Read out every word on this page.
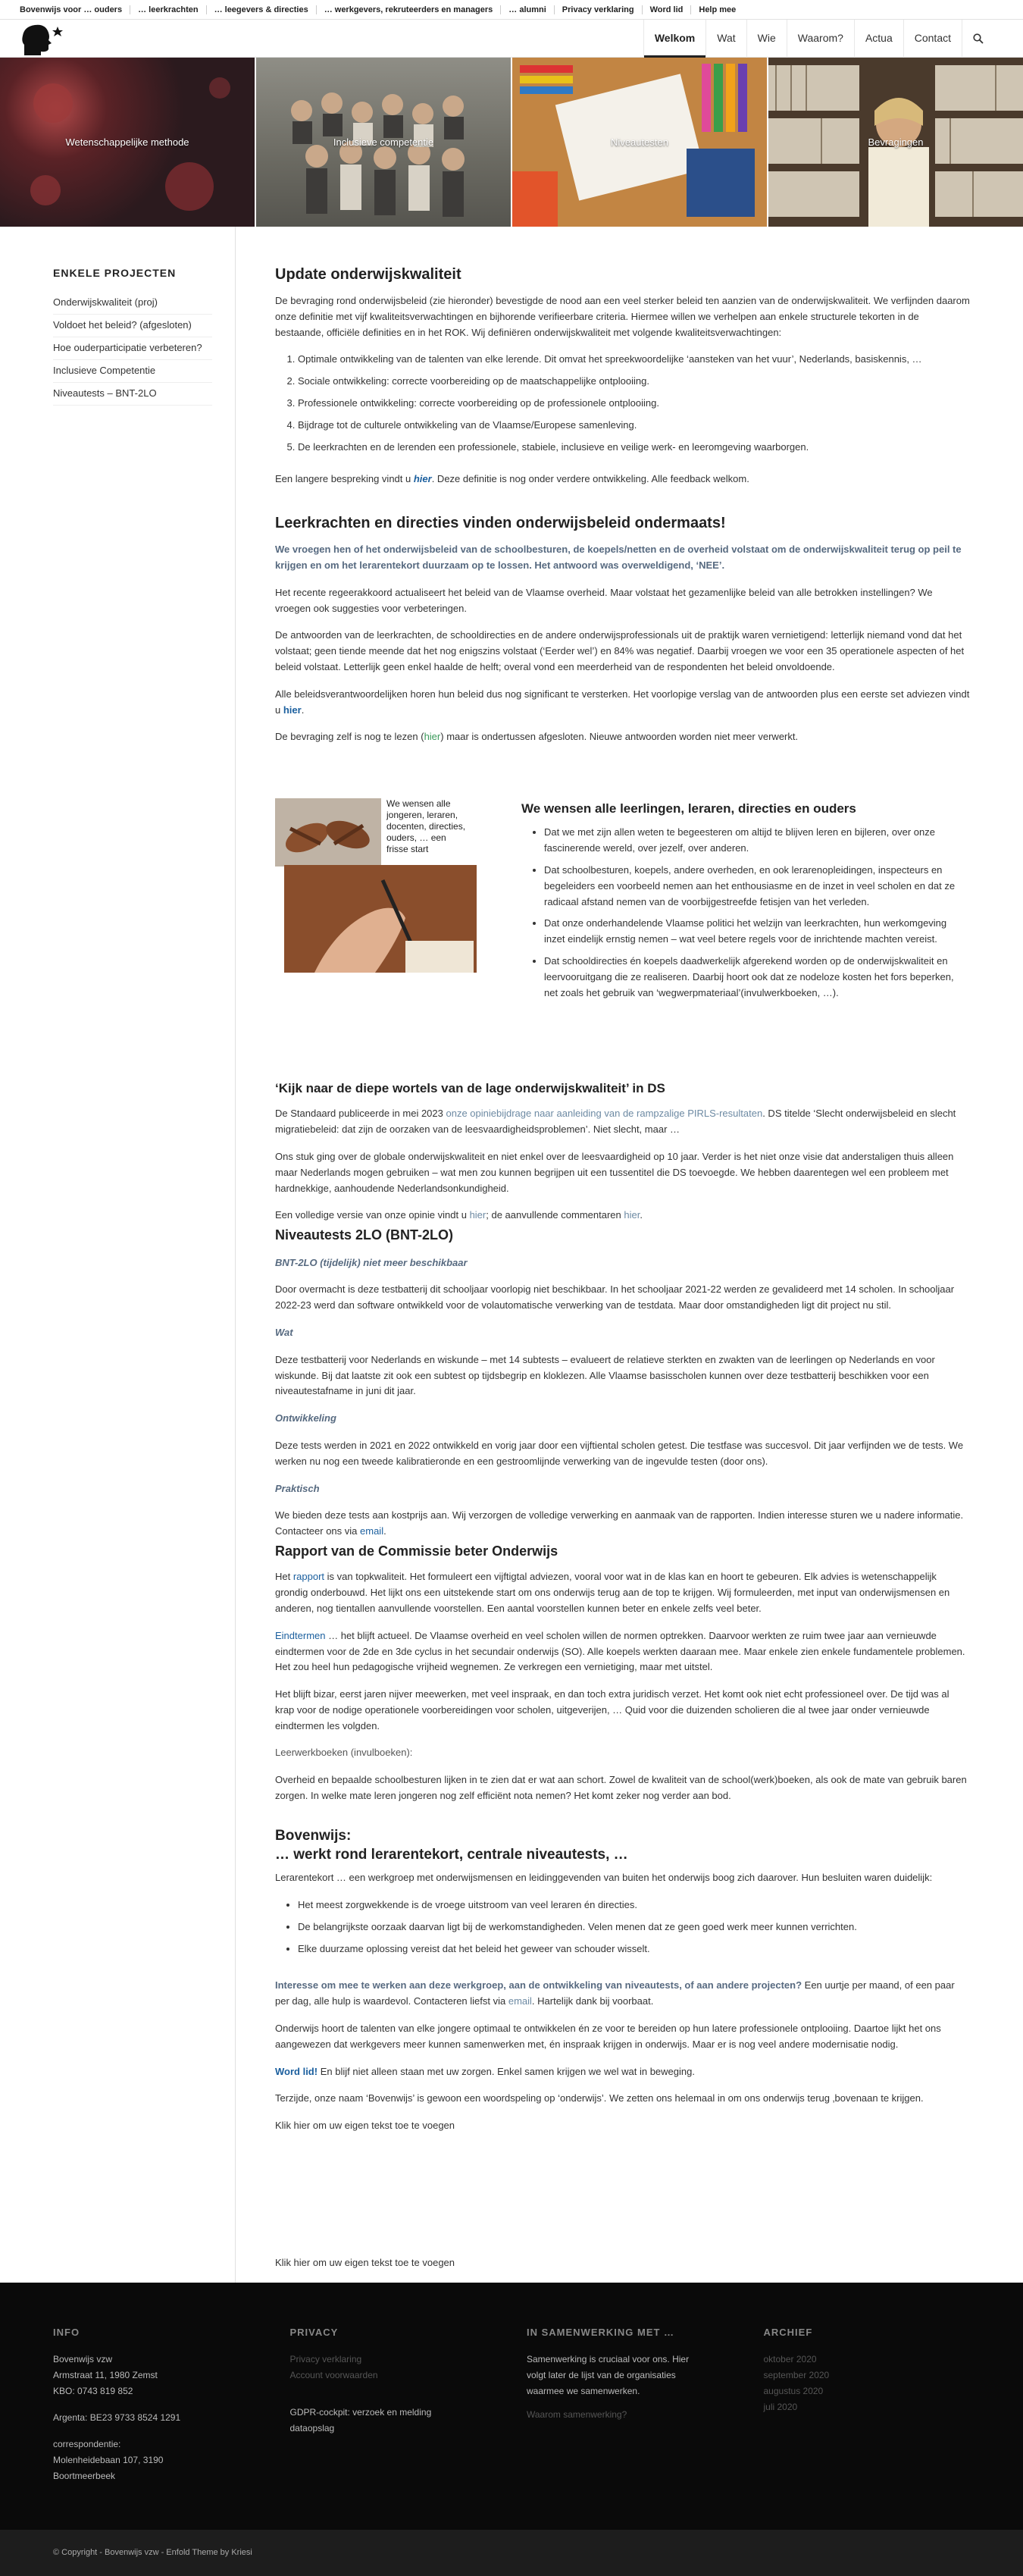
Bovenwijs voor … ouders	… leerkrachten	… leegevers & directies	… werkgevers, rekruteerders en managers	… alumni	Privacy verklaring	Word lid	Help mee
Welkom	Wat	Wie	Waarom?	Actua	Contact
Wetenschappelijke methode	Inclusieve competentie	Niveautesten	Bevragingen
ENKELE PROJECTEN
Onderwijskwaliteit (proj)
Voldoet het beleid? (afgesloten)
Hoe ouderparticipatie verbeteren?
Inclusieve Competentie
Niveautests – BNT-2LO
Update onderwijskwaliteit

De bevraging rond onderwijsbeleid (zie hieronder) bevestigde de nood aan een veel sterker beleid ten aanzien van de onderwijskwaliteit. We verfijnden daarom onze definitie met vijf kwaliteitsverwachtingen en bijhorende verifieerbare criteria. Hiermee willen we verhelpen aan enkele structurele tekorten in de bestaande, officiële definities en in het ROK. Wij definiëren onderwijskwaliteit met volgende kwaliteitsverwachtingen:

1. Optimale ontwikkeling van de talenten van elke lerende. Dit omvat het spreekwoordelijke ‘aansteken van het vuur’, Nederlands, basiskennis, …
2. Sociale ontwikkeling: correcte voorbereiding op de maatschappelijke ontplooiing.
3. Professionele ontwikkeling: correcte voorbereiding op de professionele ontplooiing.
4. Bijdrage tot de culturele ontwikkeling van de Vlaamse/Europese samenleving.
5. De leerkrachten en de lerenden een professionele, stabiele, inclusieve en veilige werk- en leeromgeving waarborgen.

Een langere bespreking vindt u hier. Deze definitie is nog onder verdere ontwikkeling. Alle feedback welkom.

Leerkrachten en directies vinden onderwijsbeleid ondermaats!

We vroegen hen of het onderwijsbeleid van de schoolbesturen, de koepels/netten en de overheid volstaat om de onderwijskwaliteit terug op peil te krijgen en om het lerarentekort duurzaam op te lossen. Het antwoord was overweldigend, ‘NEE’.

Het recente regeerakkoord actualiseert het beleid van de Vlaamse overheid. Maar volstaat het gezamenlijke beleid van alle betrokken instellingen? We vroegen ook suggesties voor verbeteringen.

De antwoorden van de leerkrachten, de schooldirecties en de andere onderwijsprofessionals uit de praktijk waren vernietigend: letterlijk niemand vond dat het volstaat; geen tiende meende dat het nog enigszins volstaat (‘Eerder wel’) en 84% was negatief. Daarbij vroegen we voor een 35 operationele aspecten of het beleid volstaat. Letterlijk geen enkel haalde de helft; overal vond een meerderheid van de respondenten het beleid onvoldoende.

Alle beleidsverantwoordelijken horen hun beleid dus nog significant te versterken. Het voorlopige verslag van de antwoorden plus een eerste set adviezen vindt u hier.

De bevraging zelf is nog te lezen (hier) maar is ondertussen afgesloten. Nieuwe antwoorden worden niet meer verwerkt.

We wensen alle jongeren, leraren, docenten, directies, ouders, … een frisse start
We wensen alle leerlingen, leraren, directies en ouders
• Dat we met zijn allen weten te begeesteren om altijd te blijven leren en bijleren, over onze fascinerende wereld, over jezelf, over anderen.
• Dat schoolbesturen, koepels, andere overheden, en ook lerarenopleidingen, inspecteurs en begeleiders een voorbeeld nemen aan het enthousiasme en de inzet in veel scholen en dat ze radicaal afstand nemen van de voorbijgestreefde fetisjen van het verleden.
• Dat onze onderhandelende Vlaamse politici het welzijn van leerkrachten, hun werkomgeving inzet eindelijk ernstig nemen – wat veel betere regels voor de inrichtende machten vereist.
• Dat schooldirecties én koepels daadwerkelijk afgerekend worden op de onderwijskwaliteit en leervooruitgang die ze realiseren. Daarbij hoort ook dat ze nodeloze kosten het fors beperken, net zoals het gebruik van ‘wegwerpmateriaal’(invulwerkboeken, …).
‘Kijk naar de diepe wortels van de lage onderwijskwaliteit’ in DS

De Standaard publiceerde in mei 2023 onze opiniebijdrage naar aanleiding van de rampzalige PIRLS-resultaten. DS titelde ‘Slecht onderwijsbeleid en slecht migratiebeleid: dat zijn de oorzaken van de leesvaardigheidsproblemen’. Niet slecht, maar …

Ons stuk ging over de globale onderwijskwaliteit en niet enkel over de leesvaardigheid op 10 jaar. Verder is het niet onze visie dat anderstaligen thuis alleen maar Nederlands mogen gebruiken – wat men zou kunnen begrijpen uit een tussentitel die DS toevoegde. We hebben daarentegen wel een probleem met hardnekkige, aanhoudende Nederlandsonkundigheid.

Een volledige versie van onze opinie vindt u hier; de aanvullende commentaren hier.

Niveautests 2LO (BNT-2LO)

BNT-2LO (tijdelijk) niet meer beschikbaar

Door overmacht is deze testbatterij dit schooljaar voorlopig niet beschikbaar. In het schooljaar 2021-22 werden ze gevalideerd met 14 scholen. In schooljaar 2022-23 werd dan software ontwikkeld voor de volautomatische verwerking van de testdata. Maar door omstandigheden ligt dit project nu stil.

Wat

Deze testbatterij voor Nederlands en wiskunde – met 14 subtests – evalueert de relatieve sterkten en zwakten van de leerlingen op Nederlands en voor wiskunde. Bij dat laatste zit ook een subtest op tijdsbegrip en kloklezen. Alle Vlaamse basisscholen kunnen over deze testbatterij beschikken voor een niveautestafname in juni dit jaar.

Ontwikkeling

Deze tests werden in 2021 en 2022 ontwikkeld en vorig jaar door een vijftiental scholen getest. Die testfase was succesvol. Dit jaar verfijnden we de tests. We werken nu nog een tweede kalibratieronde en een gestroomlijnde verwerking van de ingevulde testen (door ons).

Praktisch

We bieden deze tests aan kostprijs aan. Wij verzorgen de volledige verwerking en aanmaak van de rapporten. Indien interesse sturen we u nadere informatie. Contacteer ons via email.

Rapport van de Commissie beter Onderwijs

Het rapport is van topkwaliteit. Het formuleert een vijftigtal adviezen, vooral voor wat in de klas kan en hoort te gebeuren. Elk advies is wetenschappelijk grondig onderbouwd. Het lijkt ons een uitstekende start om ons onderwijs terug aan de top te krijgen. Wij formuleerden, met input van onderwijsmensen en anderen, nog tientallen aanvullende voorstellen. Een aantal voorstellen kunnen beter en enkele zelfs veel beter.

Eindtermen … het blijft actueel. De Vlaamse overheid en veel scholen willen de normen optrekken. Daarvoor werkten ze ruim twee jaar aan vernieuwde eindtermen voor de 2de en 3de cyclus in het secundair onderwijs (SO). Alle koepels werkten daaraan mee. Maar enkele zien enkele fundamentele problemen. Het zou heel hun pedagogische vrijheid wegnemen. Ze verkregen een vernietiging, maar met uitstel.

Het blijft bizar, eerst jaren nijver meewerken, met veel inspraak, en dan toch extra juridisch verzet. Het komt ook niet echt professioneel over. De tijd was al krap voor de nodige operationele voorbereidingen voor scholen, uitgeverijen, … Quid voor die duizenden scholieren die al twee jaar onder vernieuwde eindtermen les volgden.

Leerwerkboeken (invulboeken):

Overheid en bepaalde schoolbesturen lijken in te zien dat er wat aan schort. Zowel de kwaliteit van de school(werk)boeken, als ook de mate van gebruik baren zorgen. In welke mate leren jongeren nog zelf efficiënt nota nemen? Het komt zeker nog verder aan bod.

Bovenwijs:
… werkt rond lerarentekort, centrale niveautests, …

Lerarentekort … een werkgroep met onderwijsmensen en leidinggevenden van buiten het onderwijs boog zich daarover. Hun besluiten waren duidelijk:

• Het meest zorgwekkende is de vroege uitstroom van veel leraren én directies.
• De belangrijkste oorzaak daarvan ligt bij de werkomstandigheden. Velen menen dat ze geen goed werk meer kunnen verrichten.
• Elke duurzame oplossing vereist dat het beleid het geweer van schouder wisselt.

Interesse om mee te werken aan deze werkgroep, aan de ontwikkeling van niveautests, of aan andere projecten? Een uurtje per maand, of een paar per dag, alle hulp is waardevol. Contacteren liefst via email. Hartelijk dank bij voorbaat.

Onderwijs hoort de talenten van elke jongere optimaal te ontwikkelen én ze voor te bereiden op hun latere professionele ontplooiing. Daartoe lijkt het ons aangewezen dat werkgevers meer kunnen samenwerken met, én inspraak krijgen in onderwijs. Maar er is nog veel andere modernisatie nodig.

Word lid! En blijf niet alleen staan met uw zorgen. Enkel samen krijgen we wel wat in beweging.

Terzijde, onze naam ‘Bovenwijs’ is gewoon een woordspeling op ‘onderwijs’. We zetten ons helemaal in om ons onderwijs terug ‚bovenaan te krijgen.

Klik hier om uw eigen tekst toe te voegen

Klik hier om uw eigen tekst toe te voegen

INFO
Bovenwijs vzw
Armstraat 11, 1980 Zemst
KBO: 0743 819 852
Argenta: BE23 9733 8524 1291
correspondentie:
Molenheidebaan 107, 3190
Boortmeerbeek
PRIVACY
Privacy verklaring
Account voorwaarden
GDPR-cockpit: verzoek en melding dataopslag
IN SAMENWERKING MET …
Samenwerking is cruciaal voor ons. Hier volgt later de lijst van de organisaties waarmee we samenwerken.
Waarom samenwerking?
ARCHIEF
oktober 2020
september 2020
augustus 2020
juli 2020
© Copyright - Bovenwijs vzw - Enfold Theme by Kriesi
